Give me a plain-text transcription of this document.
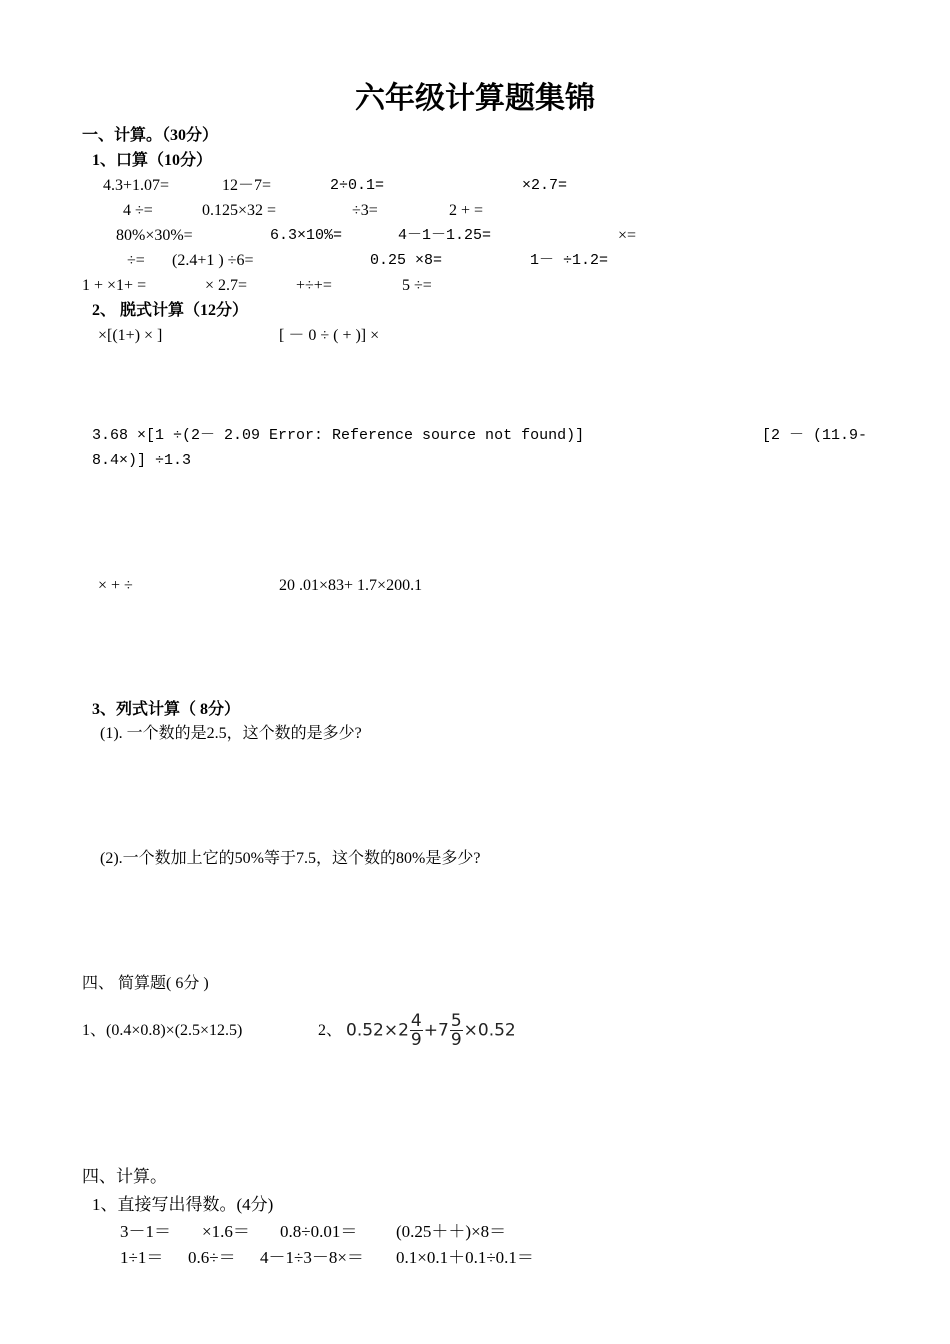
六年级计算题集锦
一、计算。（30分）
1、口算（10分）
4.3+1.07=	12－7=	2÷0.1=	×2.7=
4 ÷=	0.125×32 =	÷3=	2 + =
80%×30%=	6.3×10%=	4－1－1.25=	×=
÷= (2.4+1 ) ÷6=	0.25 ×8=	1－ ÷1.2=
1 + ×1+ =	× 2.7=	+÷+=	5 ÷=
2、 脱式计算（12分）
×[(1+) × ]	[ － 0 ÷ ( + )] ×
3.68 ×[1 ÷(2－ 2.09 Error: Reference source not found)]	[2 － (11.9-
8.4×)] ÷1.3
× + ÷	20 .01×83+ 1.7×200.1
3、列式计算（ 8分）
(1). 一个数的是2.5，这个数的是多少?
(2).一个数加上它的50%等于7.5，这个数的80%是多少?
四、 简算题( 6分 )
1、(0.4×0.8)×(2.5×12.5)	2、 $0.52\times 2 \frac{4}{9} +7 \frac{5}{9} \times 0.52$
四、计算。
1、直接写出得数。(4分)
3－1＝ ×1.6＝ 0.8÷0.01＝ (0.25＋＋)×8＝
1÷1＝ 0.6÷＝ 4－1÷3－8×＝ 0.1×0.1＋0.1÷0.1＝
